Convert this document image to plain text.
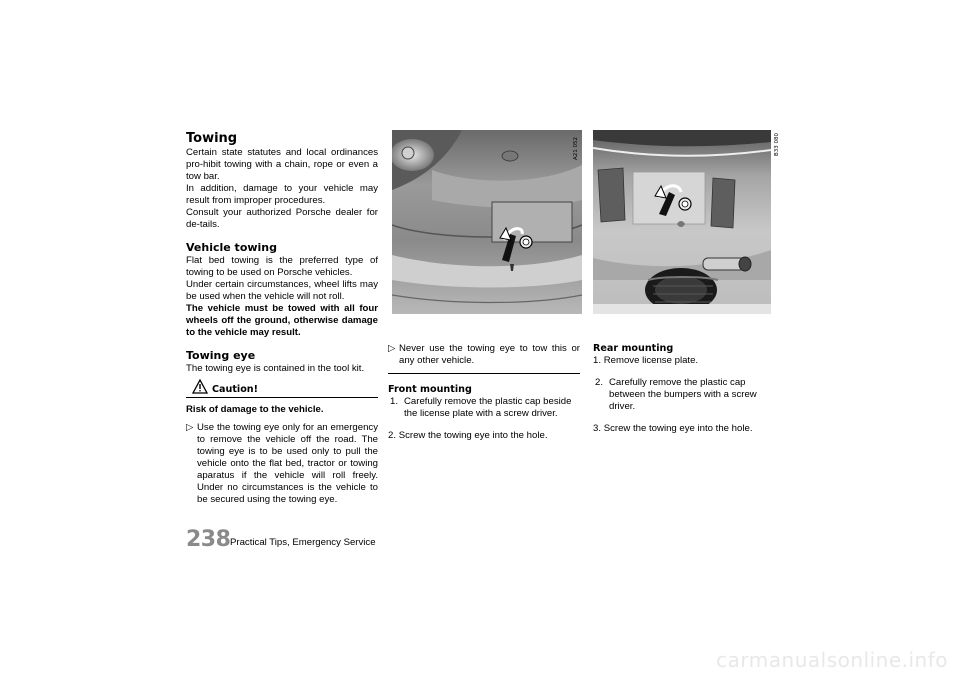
Towing

Certain state statutes and local ordinances pro-hibit towing with a chain, rope or even a tow bar.

In addition, damage to your vehicle may result from improper procedures.

Consult your authorized Porsche dealer for de-tails.

Vehicle towing

Flat bed towing is the preferred type of towing to be used on Porsche vehicles.

Under certain circumstances, wheel lifts may be used when the vehicle will not roll.

The vehicle must be towed with all four wheels off the ground, otherwise damage to the vehicle may result.

Towing eye

The towing eye is contained in the tool kit.

Caution!

Risk of damage to the vehicle.

▷ Use the towing eye only for an emergency to remove the vehicle off the road. The towing eye is to be used only to pull the vehicle onto the flat bed, tractor or towing aparatus if the vehicle will roll freely. Under no circumstances is the vehicle to be secured using the towing eye.
A21 052
▷ Never use the towing eye to tow this or any other vehicle.

Front mounting

1. Carefully remove the plastic cap beside the license plate with a screw driver.
2. Screw the towing eye into the hole.
B33 080

Rear mounting

1. Remove license plate.
2. Carefully remove the plastic cap between the bumpers with a screw driver.
3. Screw the towing eye into the hole.
238 Practical Tips, Emergency Service
carmanualsonline.info
